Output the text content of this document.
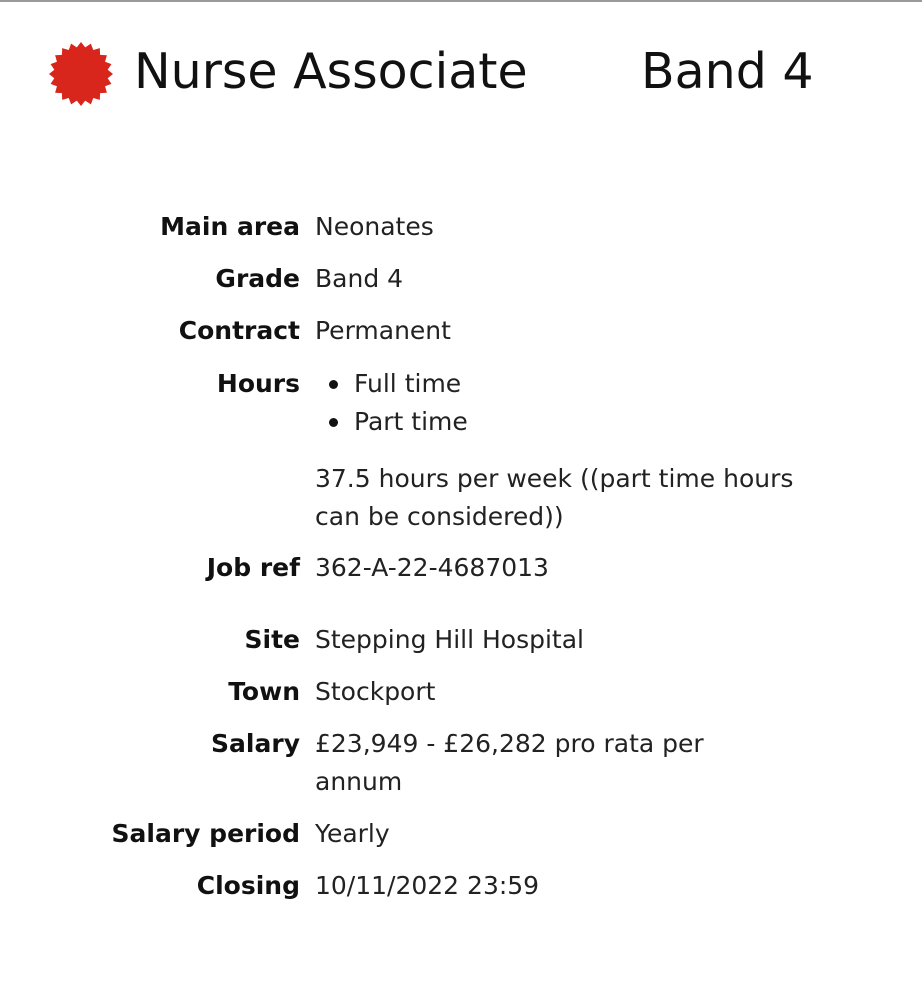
Nurse Associate Band 4
Main area Neonates
Grade Band 4
Contract Permanent
Hours	Full time
Part time
37.5 hours per week ((part time hours can be considered))
Job ref 362-A-22-4687013
Site Stepping Hill Hospital
Town Stockport
Salary £23,949 - £26,282 pro rata per annum
Salary period Yearly
Closing 10/11/2022 23:59
